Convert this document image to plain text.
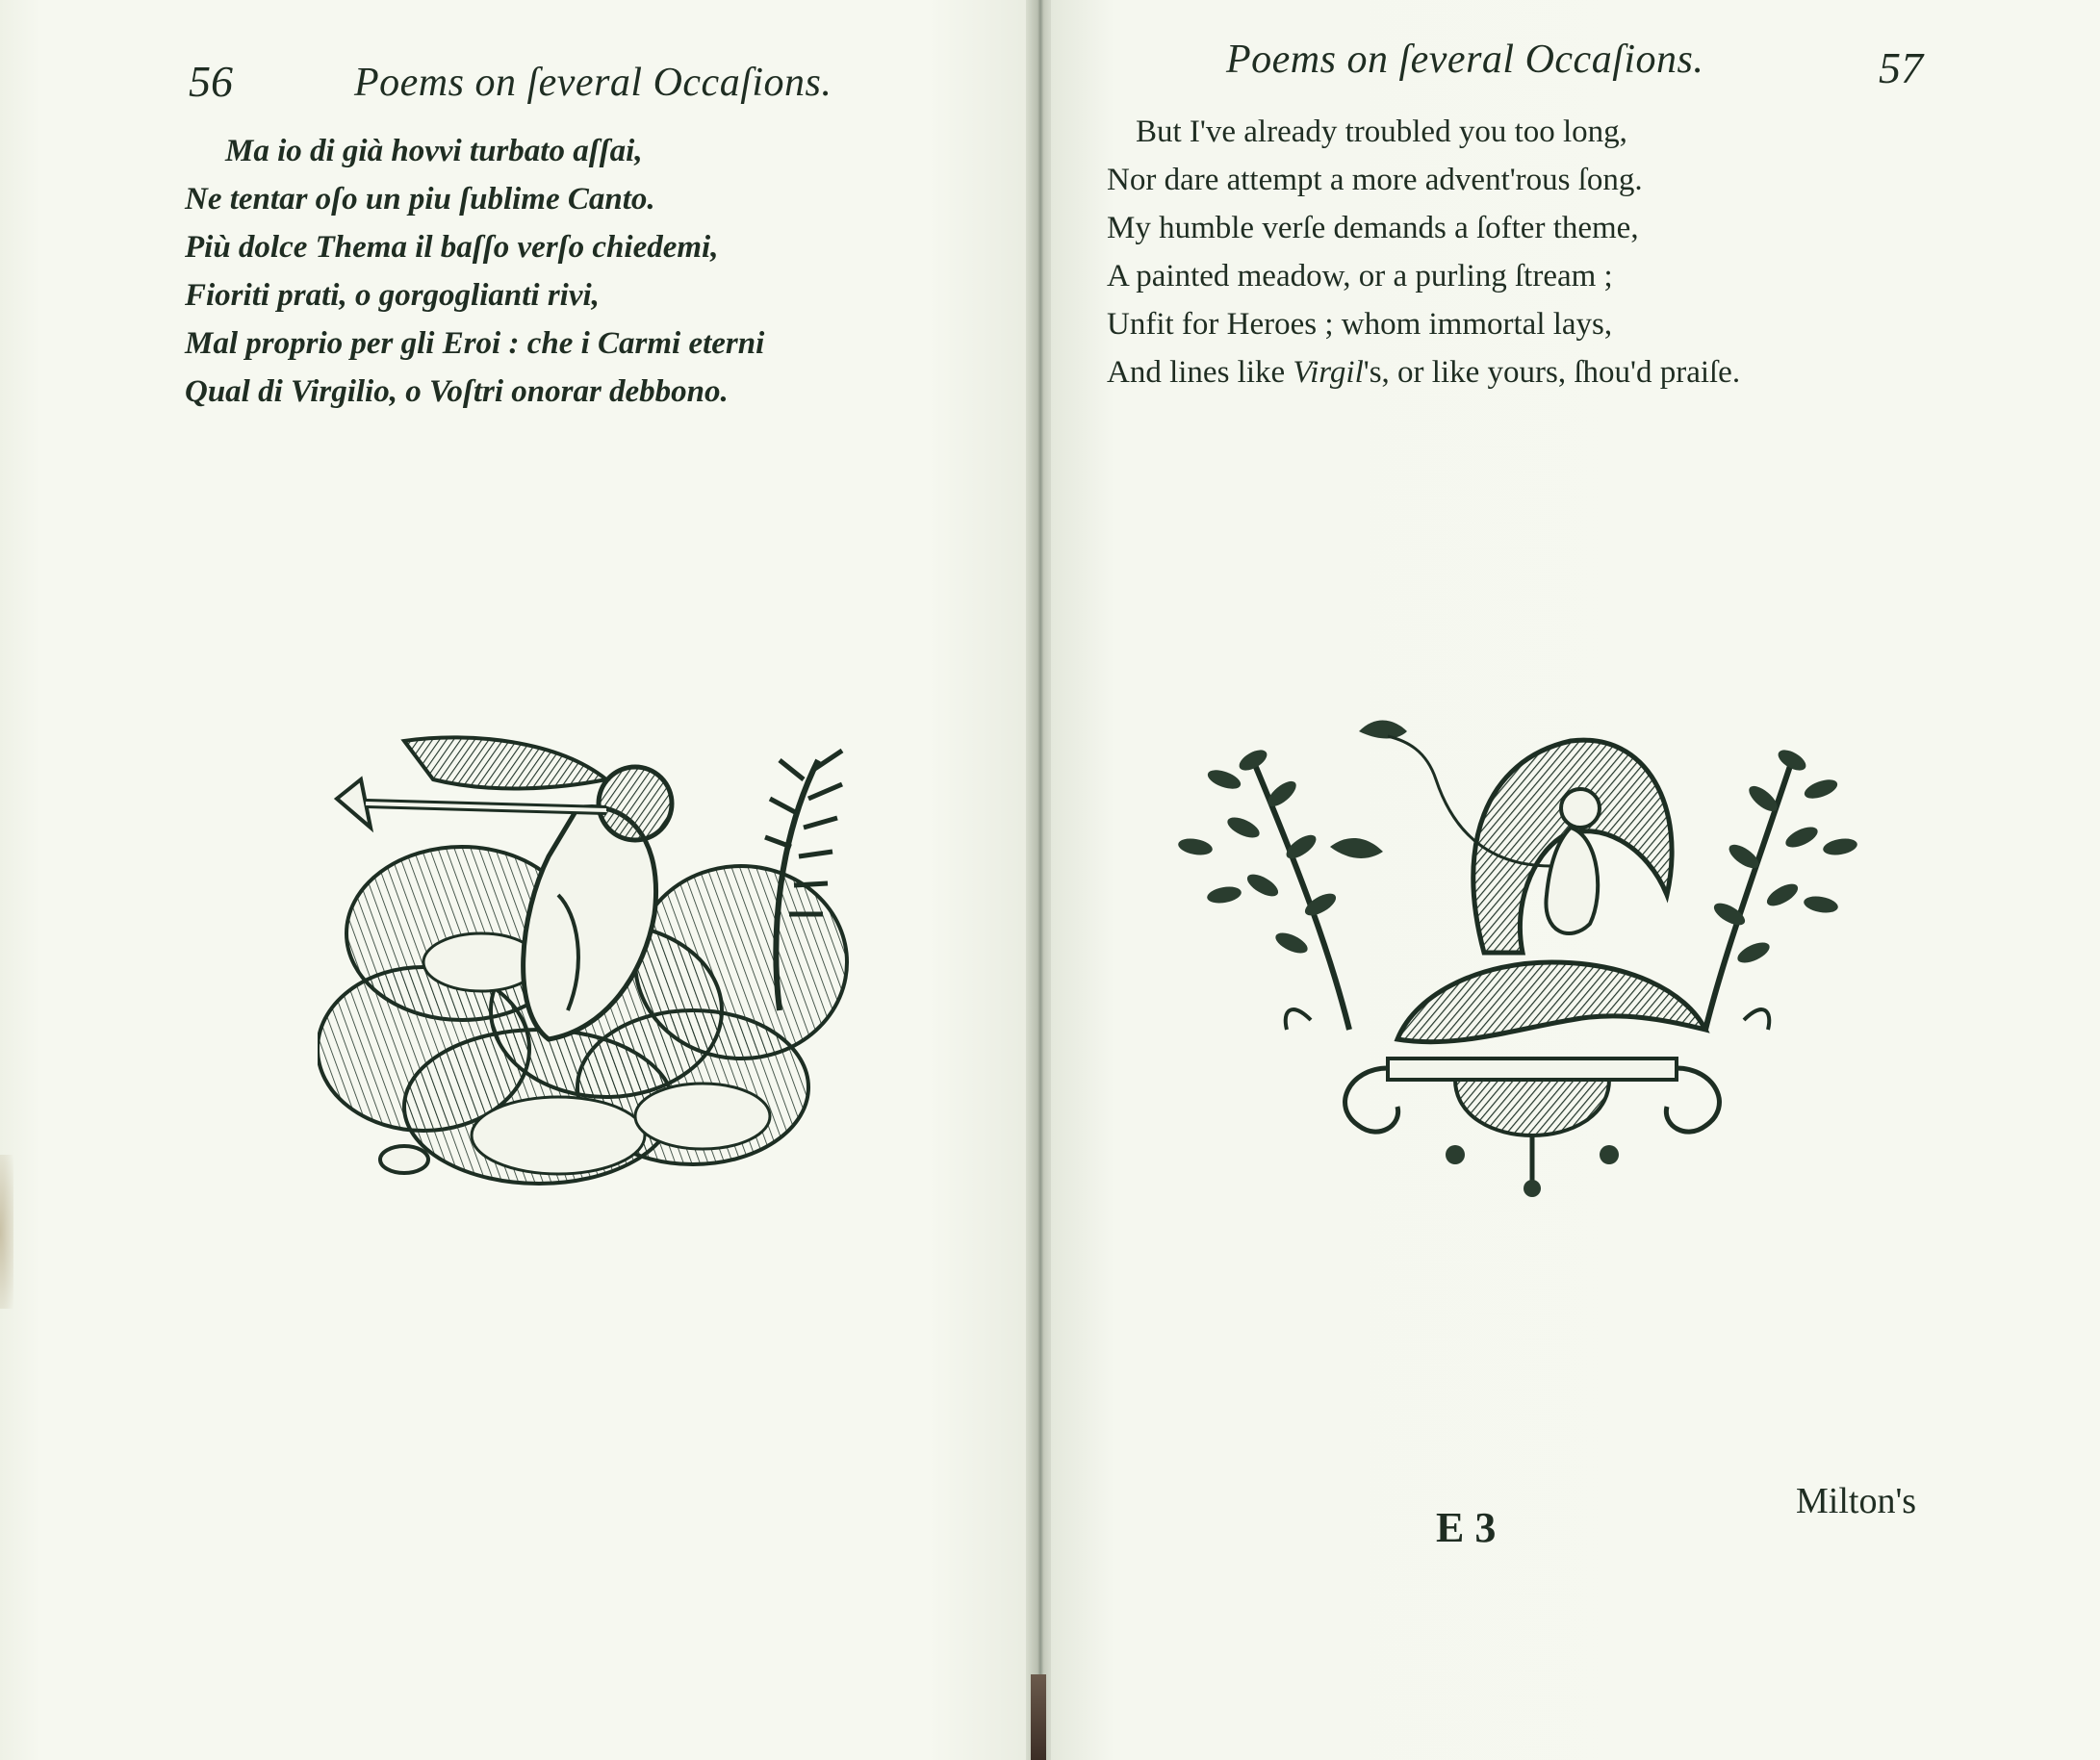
56	Poems on ſeveral Occaſions.
Ma io di già hovvi turbato aſſai,
Ne tentar oſo un piu ſublime Canto.
Più dolce Thema il baſſo verſo chiedemi,
Fioriti prati, o gorgoglianti rivi,
Mal proprio per gli Eroi : che i Carmi eterni
Qual di Virgilio, o Voſtri onorar debbono.
Poems on ſeveral Occaſions.	57
But I've already troubled you too long,
Nor dare attempt a more advent'rous ſong.
My humble verſe demands a ſofter theme,
A painted meadow, or a purling ſtream ;
Unfit for Heroes ; whom immortal lays,
And lines like Virgil's, or like yours, ſhou'd praiſe.
E 3
Milton's
